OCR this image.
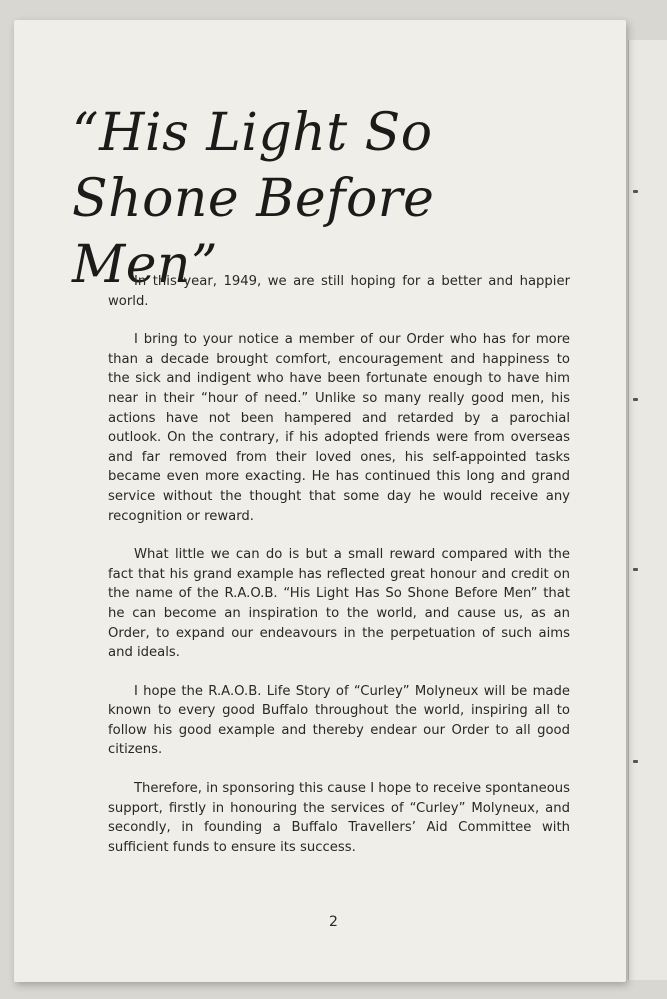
“His Light So Shone Before Men”

In this year, 1949, we are still hoping for a better and happier world.

I bring to your notice a member of our Order who has for more than a decade brought comfort, encouragement and happiness to the sick and indigent who have been fortunate enough to have him near in their “hour of need.” Unlike so many really good men, his actions have not been hampered and retarded by a parochial outlook. On the contrary, if his adopted friends were from overseas and far removed from their loved ones, his self-appointed tasks became even more exacting. He has continued this long and grand service without the thought that some day he would receive any recognition or reward.

What little we can do is but a small reward compared with the fact that his grand example has reflected great honour and credit on the name of the R.A.O.B. “His Light Has So Shone Before Men” that he can become an inspiration to the world, and cause us, as an Order, to expand our endeavours in the perpetuation of such aims and ideals.

I hope the R.A.O.B. Life Story of “Curley” Molyneux will be made known to every good Buffalo throughout the world, inspiring all to follow his good example and thereby endear our Order to all good citizens.

Therefore, in sponsoring this cause I hope to receive spontaneous support, firstly in honouring the services of “Curley” Molyneux, and secondly, in founding a Buffalo Travellers’ Aid Committee with sufficient funds to ensure its success.

2
